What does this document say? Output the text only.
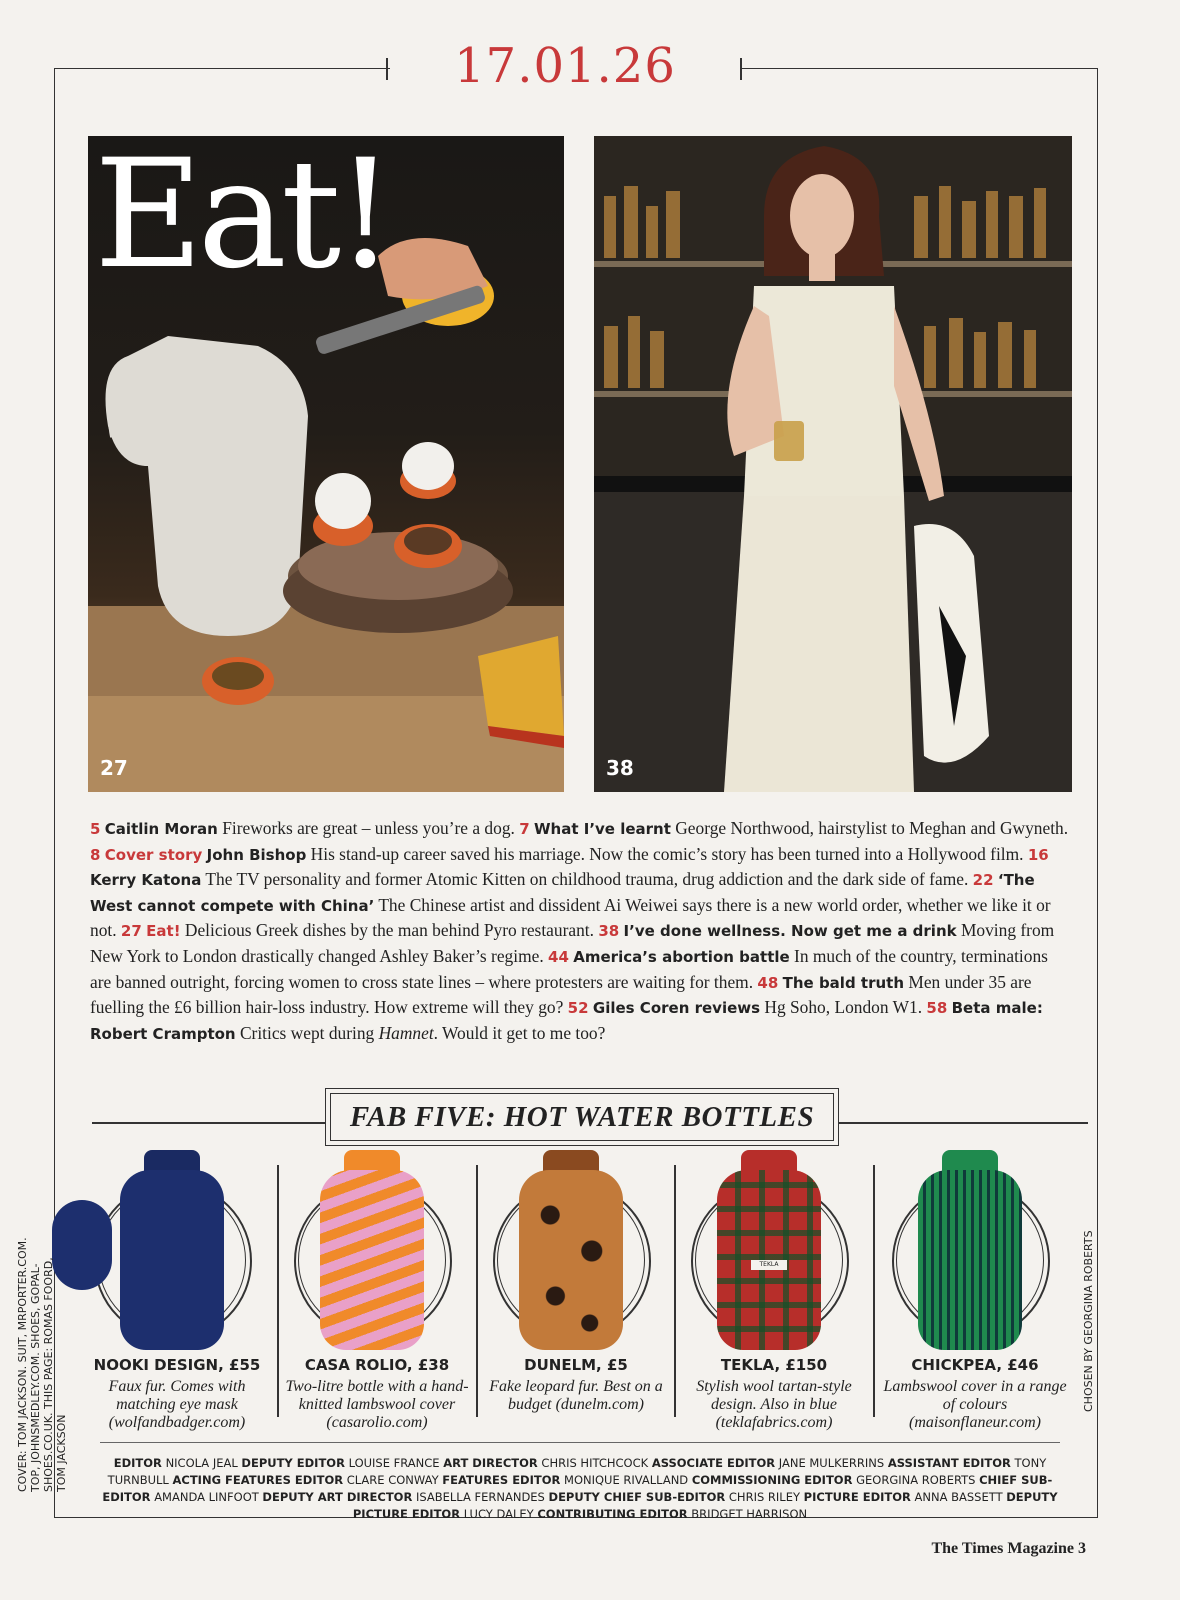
17.01.26
Eat!
27	38
5 Caitlin Moran Fireworks are great – unless you’re a dog. 7 What I’ve learnt George Northwood, hairstylist to Meghan and Gwyneth. 8 Cover story John Bishop His stand-up career saved his marriage. Now the comic’s story has been turned into a Hollywood film. 16 Kerry Katona The TV personality and former Atomic Kitten on childhood trauma, drug addiction and the dark side of fame. 22 ‘The West cannot compete with China’ The Chinese artist and dissident Ai Weiwei says there is a new world order, whether we like it or not. 27 Eat! Delicious Greek dishes by the man behind Pyro restaurant. 38 I’ve done wellness. Now get me a drink Moving from New York to London drastically changed Ashley Baker’s regime. 44 America’s abortion battle In much of the country, terminations are banned outright, forcing women to cross state lines – where protesters are waiting for them. 48 The bald truth Men under 35 are fuelling the £6 billion hair-loss industry. How extreme will they go? 52 Giles Coren reviews Hg Soho, London W1. 58 Beta male: Robert Crampton Critics wept during Hamnet. Would it get to me too?
FAB FIVE: HOT WATER BOTTLES
NOOKI DESIGN, £55
Faux fur. Comes with matching eye mask (wolfandbadger.com)
CASA ROLIO, £38
Two-litre bottle with a hand-knitted lambswool cover (casarolio.com)
DUNELM, £5
Fake leopard fur. Best on a budget (dunelm.com)
TEKLA
TEKLA, £150
Stylish wool tartan-style design. Also in blue (teklafabrics.com)
CHICKPEA, £46
Lambswool cover in a range of colours (maisonflaneur.com)
EDITOR NICOLA JEAL DEPUTY EDITOR LOUISE FRANCE ART DIRECTOR CHRIS HITCHCOCK ASSOCIATE EDITOR JANE MULKERRINS ASSISTANT EDITOR TONY TURNBULL ACTING FEATURES EDITOR CLARE CONWAY FEATURES EDITOR MONIQUE RIVALLAND COMMISSIONING EDITOR GEORGINA ROBERTS CHIEF SUB-EDITOR AMANDA LINFOOT DEPUTY ART DIRECTOR ISABELLA FERNANDES DEPUTY CHIEF SUB-EDITOR CHRIS RILEY PICTURE EDITOR ANNA BASSETT DEPUTY PICTURE EDITOR LUCY DALEY CONTRIBUTING EDITOR BRIDGET HARRISON
COVER: TOM JACKSON. SUIT, MRPORTER.COM. TOP, JOHNSMEDLEY.COM. SHOES, GOPAL-SHOES.CO.UK. THIS PAGE: ROMAS FOORD, TOM JACKSON
CHOSEN BY GEORGINA ROBERTS
The Times Magazine 3
